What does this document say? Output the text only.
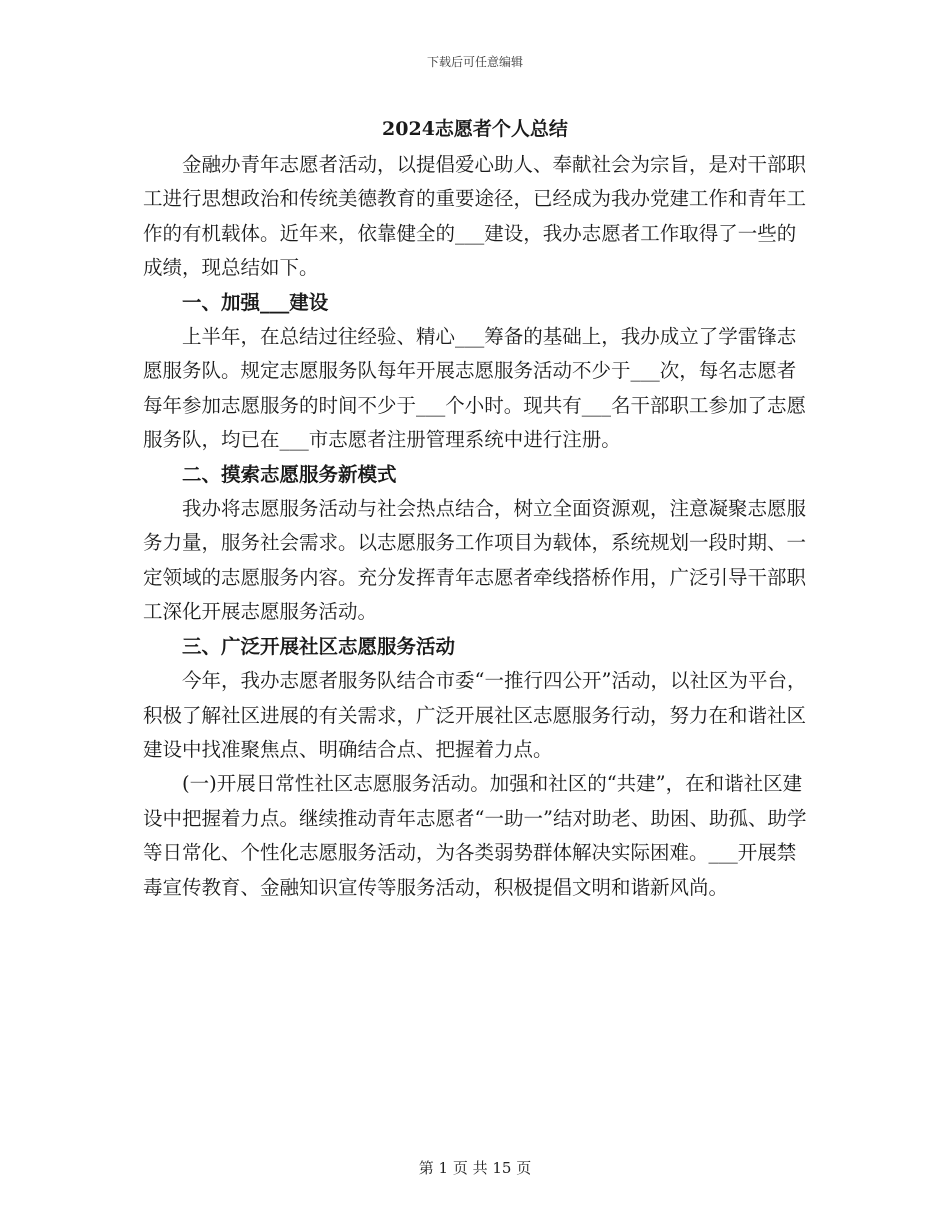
下载后可任意编辑
2024志愿者个人总结

金融办青年志愿者活动，以提倡爱心助人、奉献社会为宗旨，是对干部职工进行思想政治和传统美德教育的重要途径，已经成为我办党建工作和青年工作的有机载体。近年来，依靠健全的___建设，我办志愿者工作取得了一些的成绩，现总结如下。

一、加强___建设

上半年，在总结过往经验、精心___筹备的基础上，我办成立了学雷锋志愿服务队。规定志愿服务队每年开展志愿服务活动不少于___次，每名志愿者每年参加志愿服务的时间不少于___个小时。现共有___名干部职工参加了志愿服务队，均已在___市志愿者注册管理系统中进行注册。

二、摸索志愿服务新模式

我办将志愿服务活动与社会热点结合，树立全面资源观，注意凝聚志愿服务力量，服务社会需求。以志愿服务工作项目为载体，系统规划一段时期、一定领域的志愿服务内容。充分发挥青年志愿者牵线搭桥作用，广泛引导干部职工深化开展志愿服务活动。

三、广泛开展社区志愿服务活动

今年，我办志愿者服务队结合市委“一推行四公开”活动，以社区为平台，积极了解社区进展的有关需求，广泛开展社区志愿服务行动，努力在和谐社区建设中找准聚焦点、明确结合点、把握着力点。

(一)开展日常性社区志愿服务活动。加强和社区的“共建”，在和谐社区建设中把握着力点。继续推动青年志愿者“一助一”结对助老、助困、助孤、助学等日常化、个性化志愿服务活动，为各类弱势群体解决实际困难。___开展禁毒宣传教育、金融知识宣传等服务活动，积极提倡文明和谐新风尚。

第 1 页 共 15 页
